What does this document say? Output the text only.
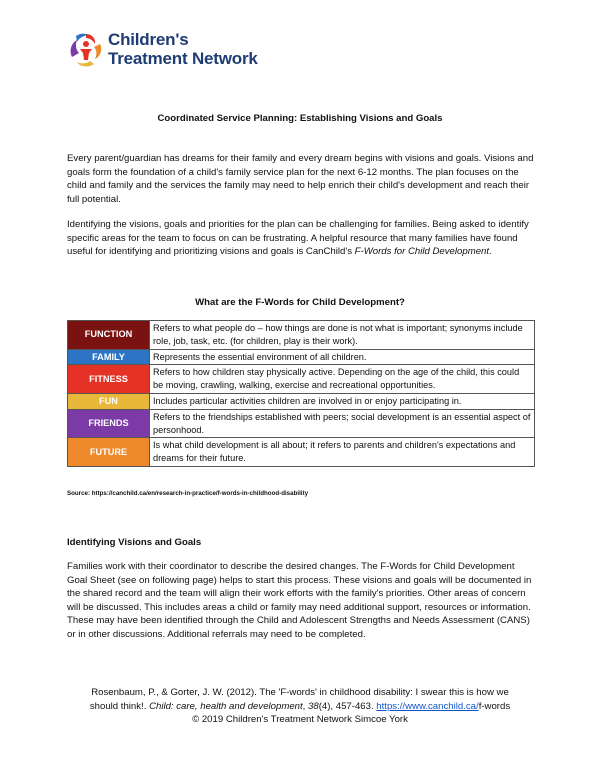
Children's
Treatment Network
Coordinated Service Planning: Establishing Visions and Goals

Every parent/guardian has dreams for their family and every dream begins with visions and goals. Visions and goals form the foundation of a child's family service plan for the next 6-12 months. The plan focuses on the child and family and the services the family may need to help enrich their child's development and reach their full potential.

Identifying the visions, goals and priorities for the plan can be challenging for families. Being asked to identify specific areas for the team to focus on can be frustrating. A helpful resource that many families have found useful for identifying and prioritizing visions and goals is CanChild's F-Words for Child Development.

What are the F-Words for Child Development?
FUNCTION	Refers to what people do – how things are done is not what is important; synonyms include role, job, task, etc. (for children, play is their work).
FAMILY	Represents the essential environment of all children.
FITNESS	Refers to how children stay physically active. Depending on the age of the child, this could be moving, crawling, walking, exercise and recreational opportunities.
FUN	Includes particular activities children are involved in or enjoy participating in.
FRIENDS	Refers to the friendships established with peers; social development is an essential aspect of personhood.
FUTURE	Is what child development is all about; it refers to parents and children's expectations and dreams for their future.
Source: https://canchild.ca/en/research-in-practice/f-words-in-childhood-disability
Identifying Visions and Goals

Families work with their coordinator to describe the desired changes. The F-Words for Child Development Goal Sheet (see on following page) helps to start this process. These visions and goals will be documented in the shared record and the team will align their work efforts with the family's priorities. Other areas of concern will be discussed. This includes areas a child or family may need additional support, resources or information. These may have been identified through the Child and Adolescent Strengths and Needs Assessment (CANS) or in other discussions. Additional referrals may need to be completed.

Rosenbaum, P., & Gorter, J. W. (2012). The 'F-words' in childhood disability: I swear this is how we
should think!. Child: care, health and development, 38(4), 457-463. https://www.canchild.ca/f-words
© 2019 Children's Treatment Network Simcoe York
